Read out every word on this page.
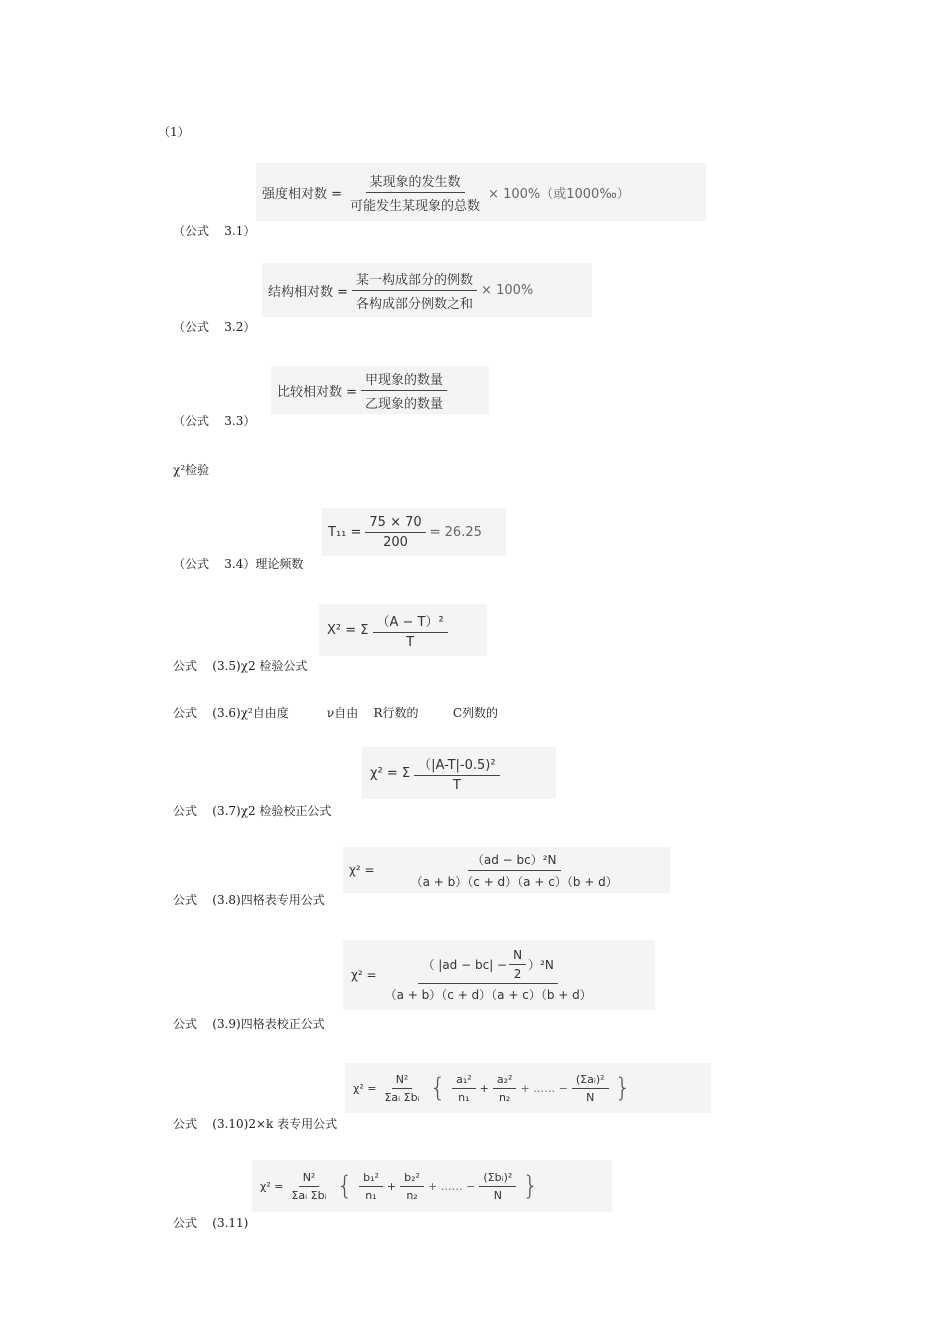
（1）
强度相对数 = $\frac{\text{某现象的发生数}}{\text{可能发生某现象的总数}} \times 100\%$（或1000‰）
（公式    3.1）
结构相对数 = $\frac{\text{某一构成部分的例数}}{\text{各构成部分例数之和}} \times 100\%$
（公式    3.2）
比较相对数 = $\frac{\text{甲现象的数量}}{\text{乙现象的数量}}$
（公式    3.3）
χ²检验
$T_{11} = \frac{75 \times 70}{200} = 26.25$
（公式    3.4）理论频数
X² = Σ $\frac{\text{（A − T）²}}{T}$
公式    (3.5)χ2 检验公式
公式    (3.6)χ²自由度          ν自由    R行数的         C列数的
χ² = Σ $\frac{\text{（|A-T|-0.5)²}}{T}$
公式    (3.7)χ2 检验校正公式
χ² =	$\frac{\text{（ad − bc）²N}}{(a + b)(c + d)(a + c)(b + d)}$
公式    (3.8)四格表专用公式
$\chi^2 = \frac{( |ad - bc| - \frac{N}{2} )^2N}{(a + b)(c + d)(a + c)(b + d)}$
公式    (3.9)四格表校正公式
$\chi^2 = \frac{\text{N²}}{\text{Σaᵢ Σbᵢ}}$ { $\frac{\text{a₁²}}{\text{n₁}} + \frac{\text{a₂²}}{\text{n₂}}$ + …… − $\frac{\text{(Σaᵢ)²}}{N}$ }
公式    (3.10)2×k 表专用公式
$\chi^2 = \frac{\text{N²}}{\text{Σaᵢ Σbᵢ}}$ { $\frac{\text{b₁²}}{\text{n₁}} + \frac{\text{b₂²}}{\text{n₂}}$ + …… − $\frac{\text{(Σbᵢ)²}}{N}$ }
公式    (3.11)
